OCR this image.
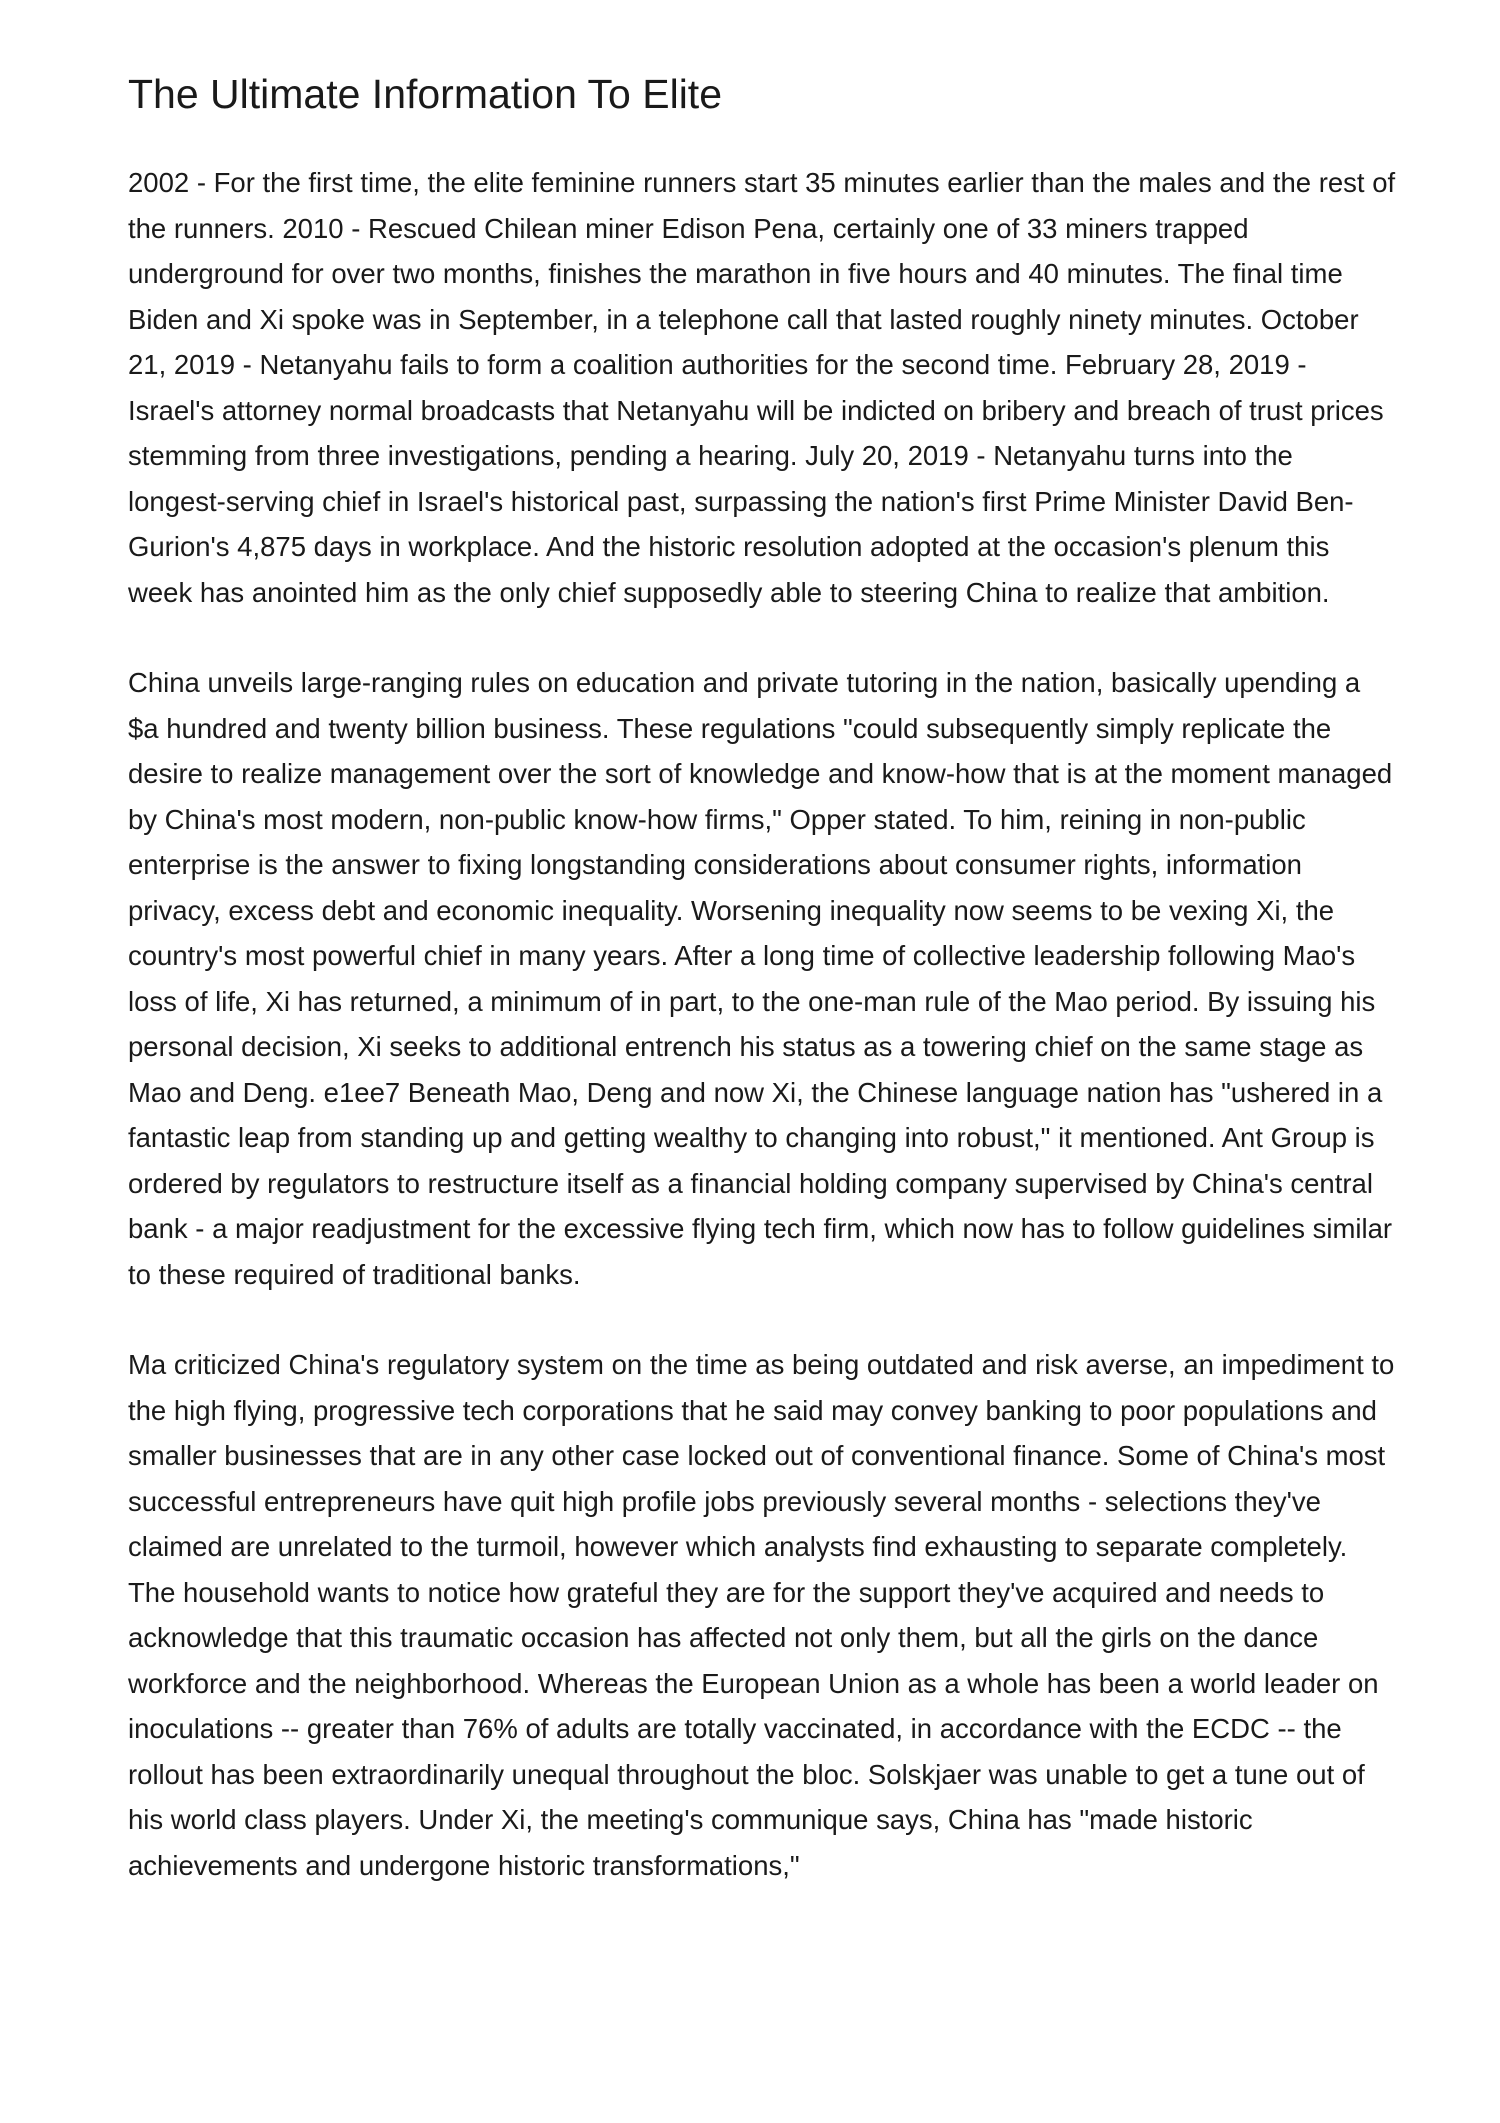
The Ultimate Information To Elite

2002 - For the first time, the elite feminine runners start 35 minutes earlier than the males and the rest of the runners. 2010 - Rescued Chilean miner Edison Pena, certainly one of 33 miners trapped underground for over two months, finishes the marathon in five hours and 40 minutes. The final time Biden and Xi spoke was in September, in a telephone call that lasted roughly ninety minutes. October 21, 2019 - Netanyahu fails to form a coalition authorities for the second time. February 28, 2019 - Israel's attorney normal broadcasts that Netanyahu will be indicted on bribery and breach of trust prices stemming from three investigations, pending a hearing. July 20, 2019 - Netanyahu turns into the longest-serving chief in Israel's historical past, surpassing the nation's first Prime Minister David Ben-Gurion's 4,875 days in workplace. And the historic resolution adopted at the occasion's plenum this week has anointed him as the only chief supposedly able to steering China to realize that ambition.

China unveils large-ranging rules on education and private tutoring in the nation, basically upending a $a hundred and twenty billion business. These regulations "could subsequently simply replicate the desire to realize management over the sort of knowledge and know-how that is at the moment managed by China's most modern, non-public know-how firms," Opper stated. To him, reining in non-public enterprise is the answer to fixing longstanding considerations about consumer rights, information privacy, excess debt and economic inequality. Worsening inequality now seems to be vexing Xi, the country's most powerful chief in many years. After a long time of collective leadership following Mao's loss of life, Xi has returned, a minimum of in part, to the one-man rule of the Mao period. By issuing his personal decision, Xi seeks to additional entrench his status as a towering chief on the same stage as Mao and Deng. e1ee7 Beneath Mao, Deng and now Xi, the Chinese language nation has "ushered in a fantastic leap from standing up and getting wealthy to changing into robust," it mentioned. Ant Group is ordered by regulators to restructure itself as a financial holding company supervised by China's central bank - a major readjustment for the excessive flying tech firm, which now has to follow guidelines similar to these required of traditional banks.

Ma criticized China's regulatory system on the time as being outdated and risk averse, an impediment to the high flying, progressive tech corporations that he said may convey banking to poor populations and smaller businesses that are in any other case locked out of conventional finance. Some of China's most successful entrepreneurs have quit high profile jobs previously several months - selections they've claimed are unrelated to the turmoil, however which analysts find exhausting to separate completely. The household wants to notice how grateful they are for the support they've acquired and needs to acknowledge that this traumatic occasion has affected not only them, but all the girls on the dance workforce and the neighborhood. Whereas the European Union as a whole has been a world leader on inoculations -- greater than 76% of adults are totally vaccinated, in accordance with the ECDC -- the rollout has been extraordinarily unequal throughout the bloc. Solskjaer was unable to get a tune out of his world class players. Under Xi, the meeting's communique says, China has "made historic achievements and undergone historic transformations,"
